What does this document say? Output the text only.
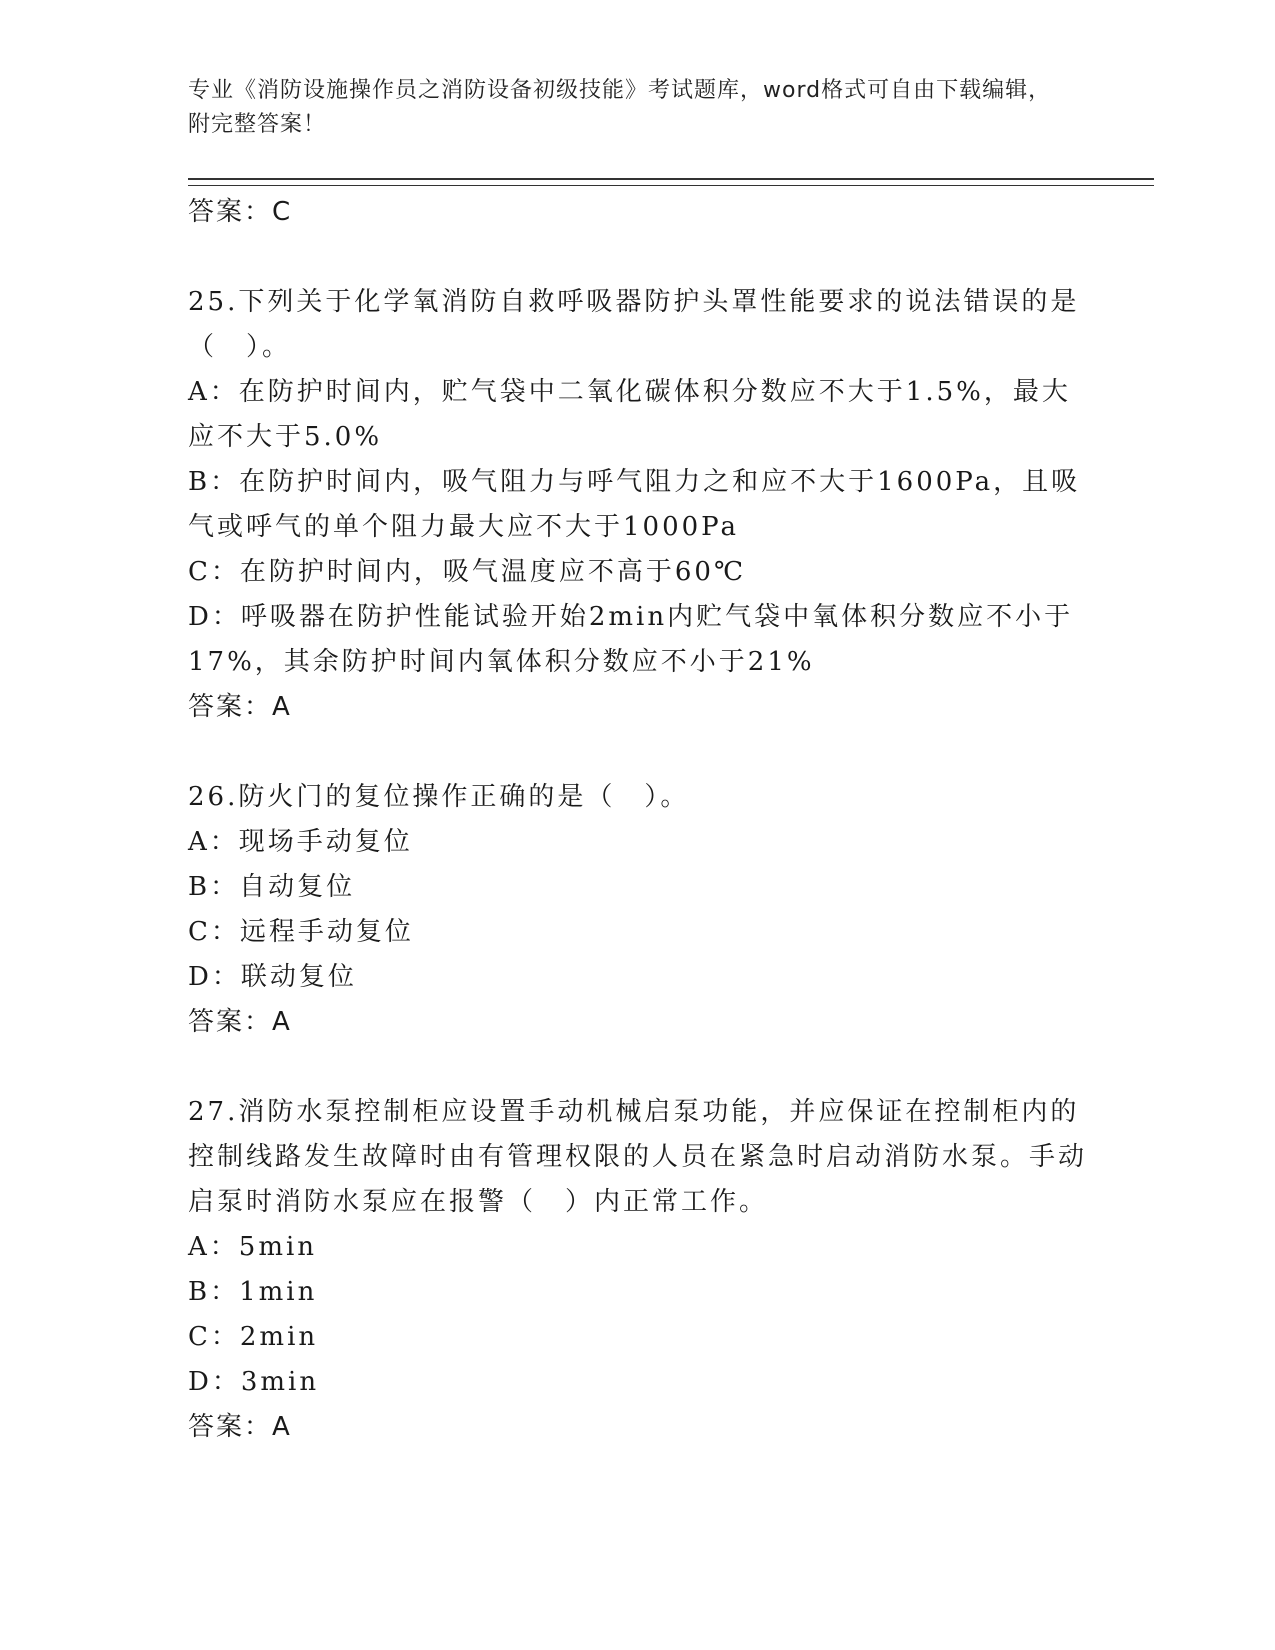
专业《消防设施操作员之消防设备初级技能》考试题库，word格式可自由下载编辑，附完整答案！
答案：C
25.下列关于化学氧消防自救呼吸器防护头罩性能要求的说法错误的是（　）。
A：在防护时间内，贮气袋中二氧化碳体积分数应不大于1.5%，最大应不大于5.0%
B：在防护时间内，吸气阻力与呼气阻力之和应不大于1600Pa，且吸气或呼气的单个阻力最大应不大于1000Pa
C：在防护时间内，吸气温度应不高于60℃
D：呼吸器在防护性能试验开始2min内贮气袋中氧体积分数应不小于17%，其余防护时间内氧体积分数应不小于21%
答案：A
26.防火门的复位操作正确的是（　）。
A：现场手动复位
B：自动复位
C：远程手动复位
D：联动复位
答案：A
27.消防水泵控制柜应设置手动机械启泵功能，并应保证在控制柜内的控制线路发生故障时由有管理权限的人员在紧急时启动消防水泵。手动启泵时消防水泵应在报警（　）内正常工作。
A：5min
B：1min
C：2min
D：3min
答案：A
